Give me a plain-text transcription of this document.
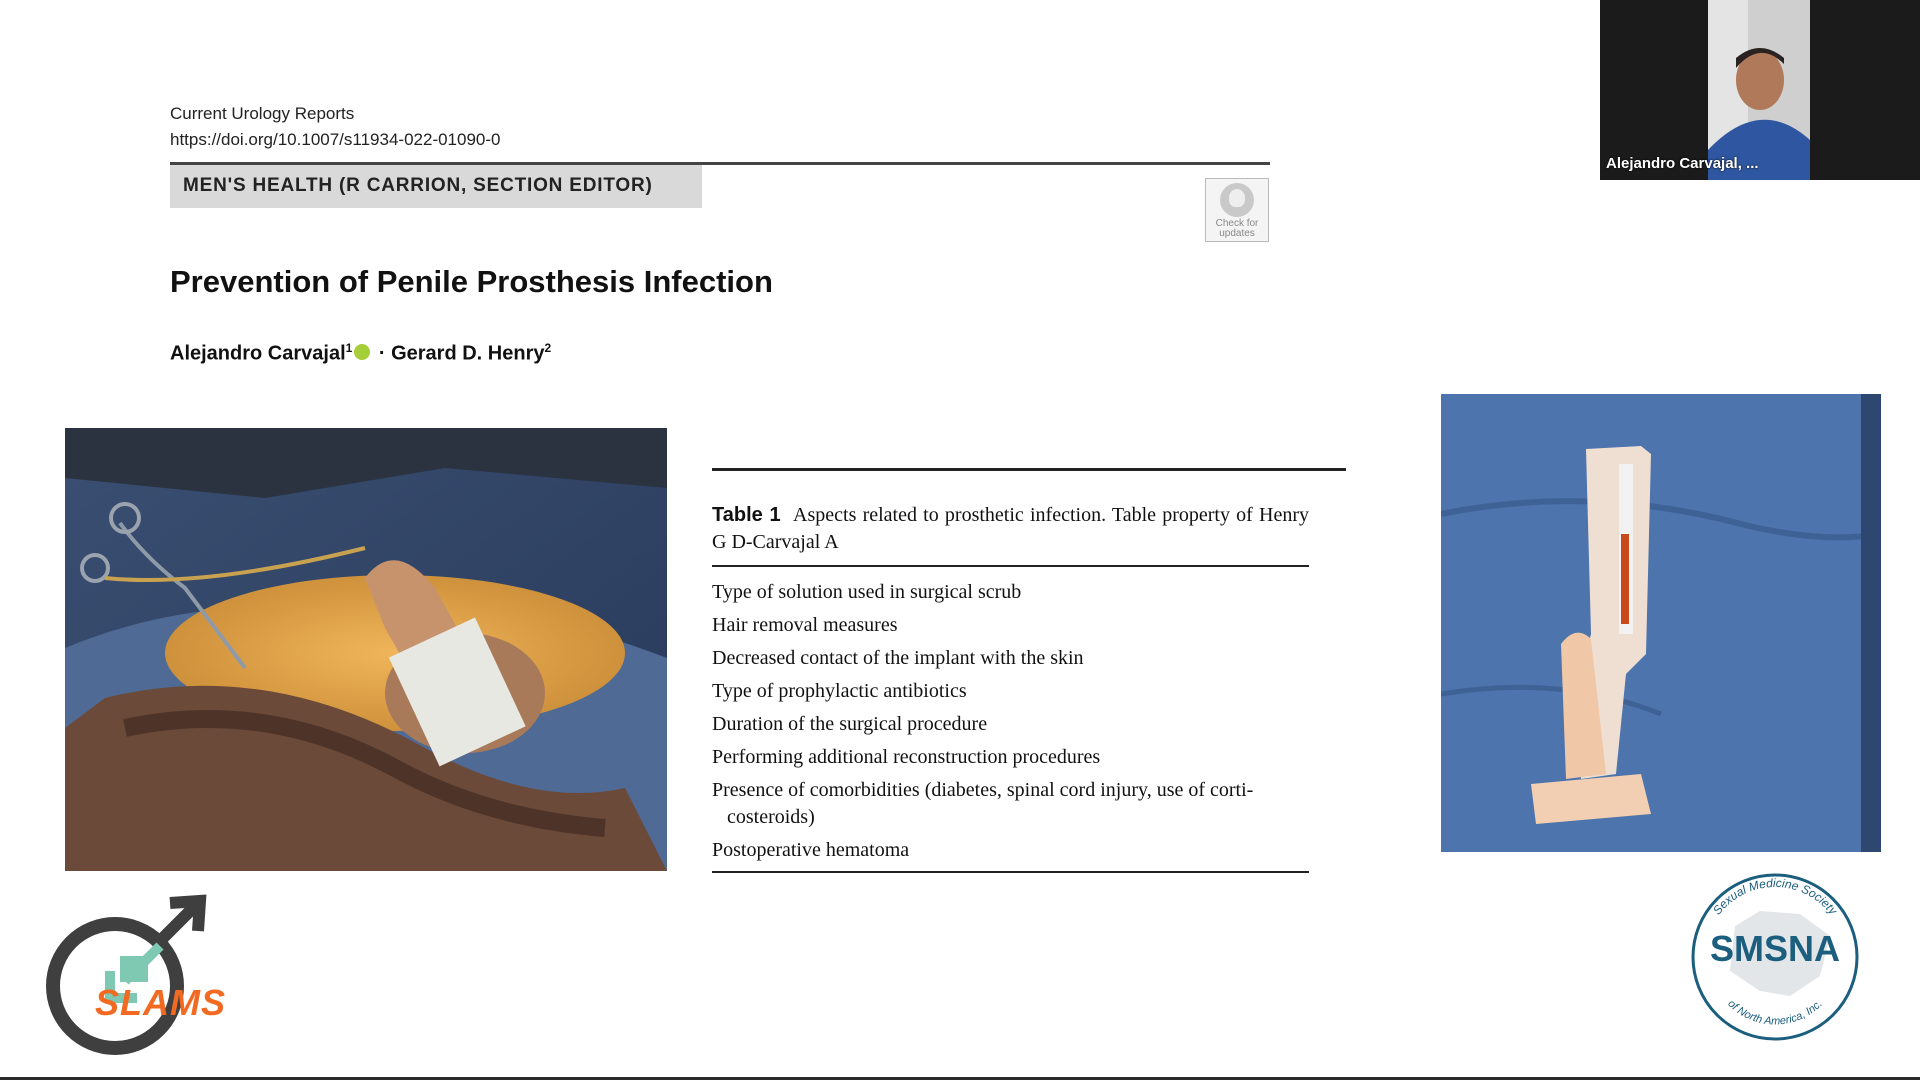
Current Urology Reports
https://doi.org/10.1007/s11934-022-01090-0
MEN'S HEALTH (R CARRION, SECTION EDITOR)
Check for
updates
Prevention of Penile Prosthesis Infection
Alejandro Carvajal$^1$ · Gerard D. Henry$^2$
Table 1 Aspects related to prosthetic infection. Table property of Henry G D-Carvajal A
Type of solution used in surgical scrub
Hair removal measures
Decreased contact of the implant with the skin
Type of prophylactic antibiotics
Duration of the surgical procedure
Performing additional reconstruction procedures
Presence of comorbidities (diabetes, spinal cord injury, use of corti-
costeroids)
Postoperative hematoma
Alejandro Carvajal, ...
SLAMS
Sexual Medicine Society
of North America, Inc.
SMSNA
